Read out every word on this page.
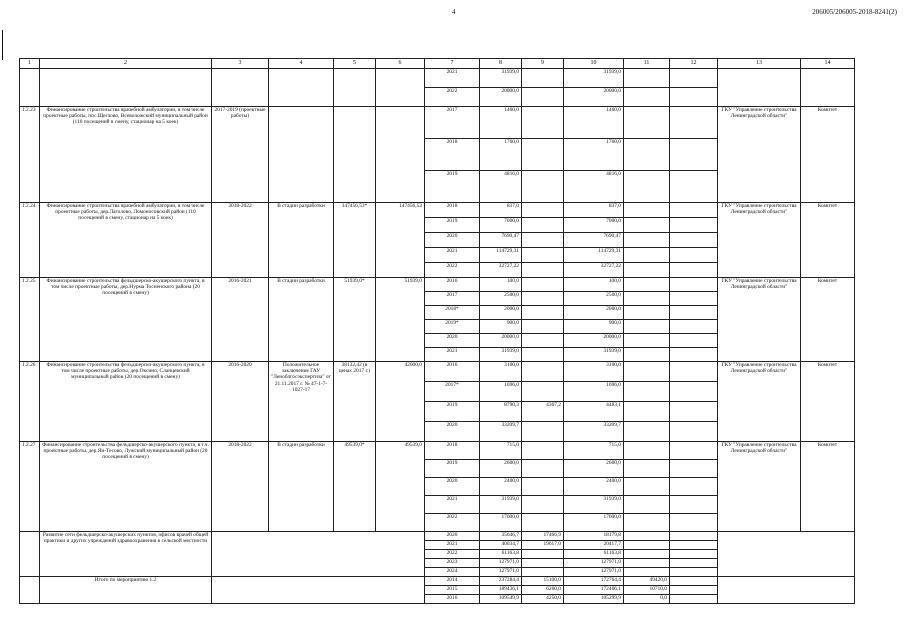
4	206005/206005-2018-8241(2)
1	2	3	4	5	6	7	8	9	10	11	12	13	14
						2021	31939,0		31939,0				
						2022	20000,0		20000,0				
1.2.23	Финансирование строительства врачебной амбулатории, в том числе проектные работы, пос.Щеглово, Всеволожский муниципальный район (110 посещений в смену, стационар на 5 коек)	2017-2019 (проектные работы)				2017	1460,0		1460,0			ГКУ "Управление строительства Ленинградской области"	Комитет
						2018	1760,0		1760,0				
						2019	4816,0		4816,0				
1.2.24	Финансирование строительства врачебной амбулатории, в том числе проектные работы, дер.Лаголово, Ломоносовский район (110 посещений в смену, стационар на 5 коек)	2018-2022	В стадии разработки	147456,53*	147456,53	2018	837,0		837,0			ГКУ "Управление строительства Ленинградской области"	Комитет
						2019	7000,0		7000,0				
						2020	7690,47		7690,47				
						2021	114729,31		114729,31				
						2022	32727,22		32727,22				
1.2.25	Финансирование строительства фельдшерско-акушерского пункта, в том числе проектные работы, дер.Нурма Тосненского района (20 посещений в смену)	2016-2021	В стадии разработки	51939,0*	51939,0	2016	100,0		100,0			ГКУ "Управление строительства Ленинградской области"	Комитет
						2017	2500,0		2500,0				
						2018*	2000,0		2000,0				
						2019*	900,0		900,0				
						2020	20000,0		20000,0				
						2021	31939,0		31939,0				
1.2.26	Финансирование строительства фельдшерско-акушерского пункта, в том числе проектные работы, дер.Оксино, Сланцевский муниципальный район (20 посещений в смену)	2016-2020	Положительное заключение ГАУ "Леноблгосэкспертиза" от 21.11.2017 г. № 47-1-7-1027-17	38132,42 (в ценах 2017 г.)	42000,0	2016	3100,0		3100,0			ГКУ "Управление строительства Ленинградской области"	Комитет
						2017*	1696,0		1696,0				
						2019	8790,3	4307,2	4483,1				
						2020	33209,7		33209,7				
1.2.27	Финансирование строительства фельдшерско-акушерского пункта, в т.ч. проектные работы, дер.Яи-Тесово, Лужский муниципальный район (20 посещений в смену)	2018-2022	В стадии разработки	49539,0*	49539,0	2018	715,0		715,0			ГКУ "Управление строительства Ленинградской области"	Комитет
						2019	2600,0		2600,0				
						2020	2400,0		2400,0				
						2021	31939,0		31939,0				
						2022	17600,0		17600,0				
	Развитие сети фельдшерско-акушерских пунктов, офисов врачей общей практики и других учреждений здравоохранения в сельской местности					2020	35646,7	17466,9	18179,8				
						2021	40034,7	19617,0	20417,7				
						2022	61163,8		61163,8				
						2023	127971,0		127971,0				
						2024	127971,0		127971,0				
	Итого по мероприятию 1.2					2014	237284,4	15100,0	172764,4	49420,0			
						2015	189436,1	6260,0	172466,1	10710,0			
						2016	109549,9	4250,0	105299,9	0,0			
